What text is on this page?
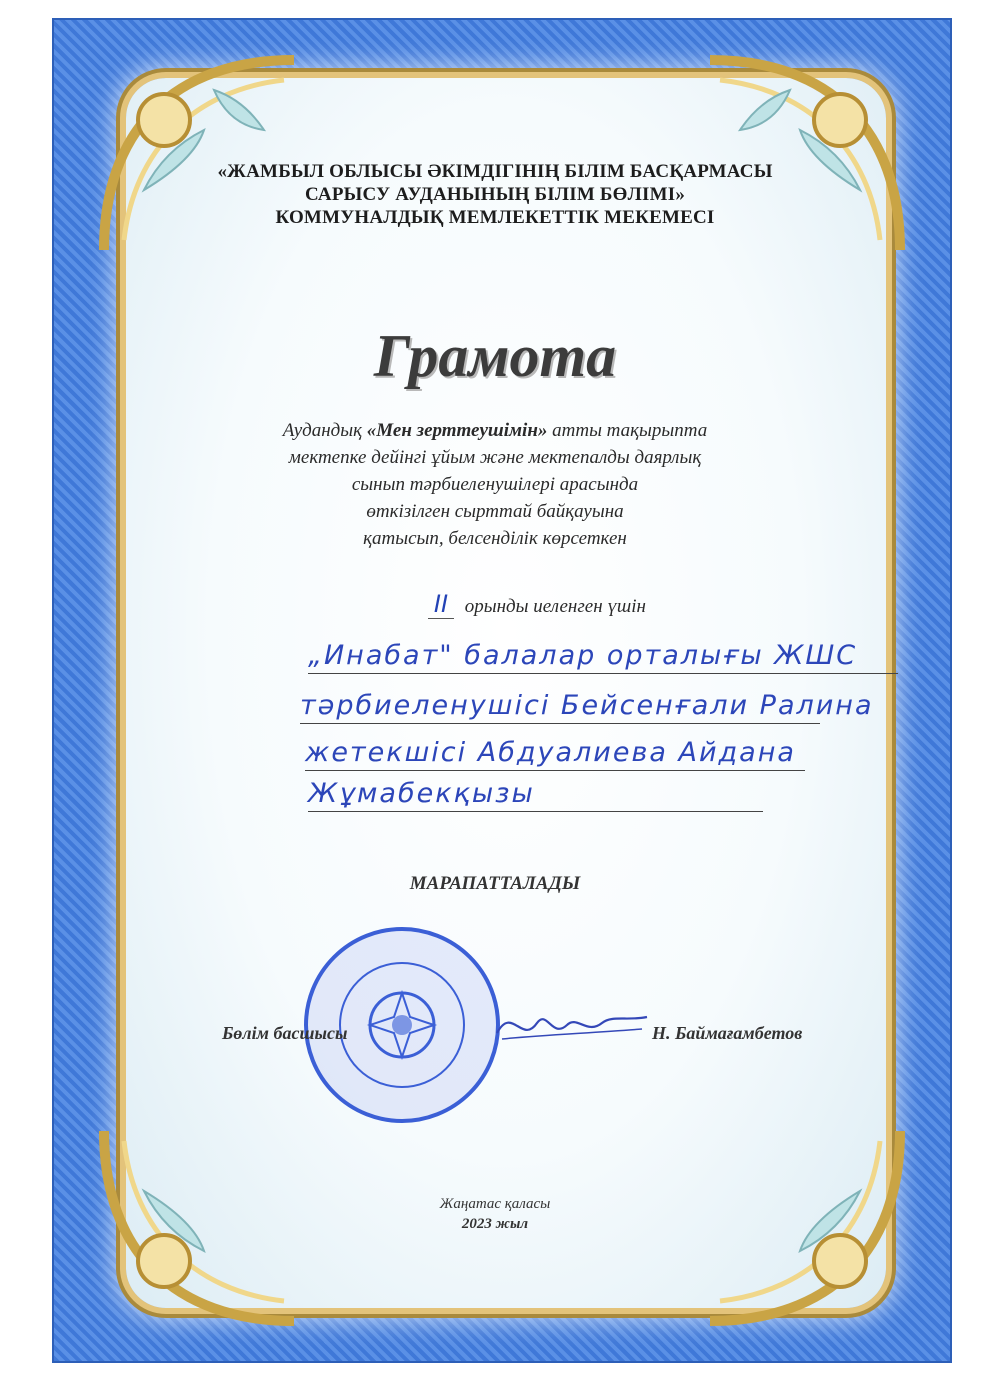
«ЖАМБЫЛ ОБЛЫСЫ ӘКІМДІГІНІҢ БІЛІМ БАСҚАРМАСЫ
САРЫСУ АУДАНЫНЫҢ БІЛІМ БӨЛІМІ»
КОММУНАЛДЫҚ МЕМЛЕКЕТТІК МЕКЕМЕСІ
Грамота
Аудандық «Мен зерттеушімін» атты тақырыпта
мектепке дейінгі ұйым және мектепалды даярлық
сынып тәрбиеленушілері арасында
өткізілген сырттай байқауына
қатысып, белсенділік көрсеткен
II орынды иеленген үшін
„Инабат" балалар орталығы ЖШС
тәрбиеленушісі Бейсенғали Ралина
жетекшісі Абдуалиева Айдана
Жұмабекқызы
МАРАПАТТАЛАДЫ
Бөлім басшысы	Н. Баймағамбетов
Жаңатас қаласы
2023 жыл
